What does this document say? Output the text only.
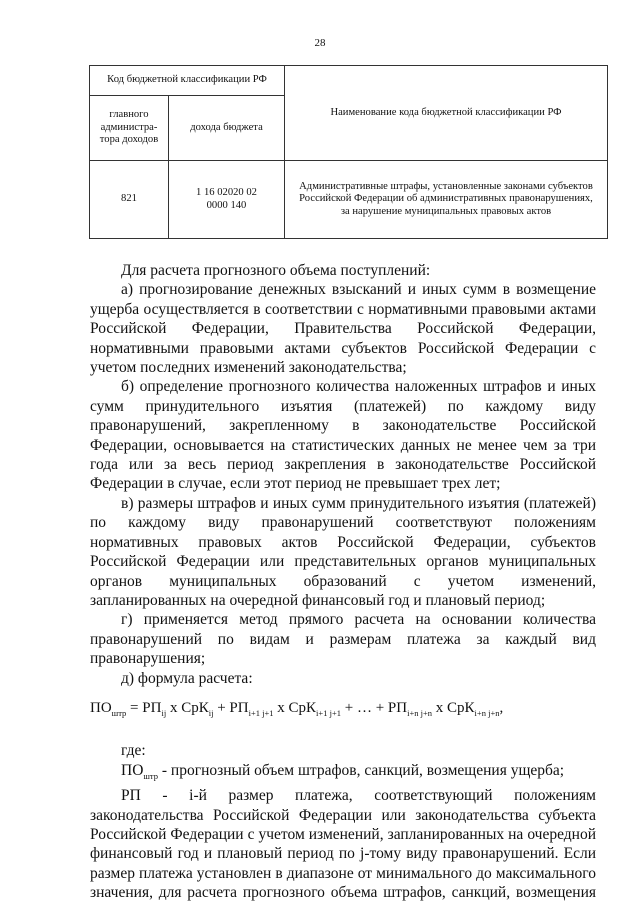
28
Код бюджетной классификации РФ		Наименование кода бюджетной классификации РФ
главного администра-тора доходов	дохода бюджета	
821	1 16 02020 02 0000 140	Административные штрафы, установленные законами субъектов Российской Федерации об административных правонарушениях, за нарушение муниципальных правовых актов

Для расчета прогнозного объема поступлений:

а) прогнозирование денежных взысканий и иных сумм в возмещение ущерба осуществляется в соответствии с нормативными правовыми актами Российской Федерации, Правительства Российской Федерации, нормативными правовыми актами субъектов Российской Федерации с учетом последних изменений законодательства;

б) определение прогнозного количества наложенных штрафов и иных сумм принудительного изъятия (платежей) по каждому виду правонарушений, закрепленному в законодательстве Российской Федерации, основывается на статистических данных не менее чем за три года или за весь период закрепления в законодательстве Российской Федерации в случае, если этот период не превышает трех лет;

в) размеры штрафов и иных сумм принудительного изъятия (платежей) по каждому виду правонарушений соответствуют положениям нормативных правовых актов Российской Федерации, субъектов Российской Федерации или представительных органов муниципальных органов муниципальных образований с учетом изменений, запланированных на очередной финансовый год и плановый период;

г) применяется метод прямого расчета на основании количества правонарушений по видам и размерам платежа за каждый вид правонарушения;

д) формула расчета:

$ПО_{штр} = РП_{ij}$ х $СрК_{ij} + РП_{i+1 j+1}$ х СрК$_{i+1 j+1}$ + … + $РП_{i+n j+n}$ х СрК$_{i+n j+n}$,

где:

$ПО_{штр}$ - прогнозный объем штрафов, санкций, возмещения ущерба;

РП - i-й размер платежа, соответствующий положениям законодательства Российской Федерации или законодательства субъекта Российской Федерации с учетом изменений, запланированных на очередной финансовый год и плановый период по j-тому виду правонарушений. Если размер платежа установлен в диапазоне от минимального до максимального значения, для расчета прогнозного объема штрафов, санкций, возмещения
